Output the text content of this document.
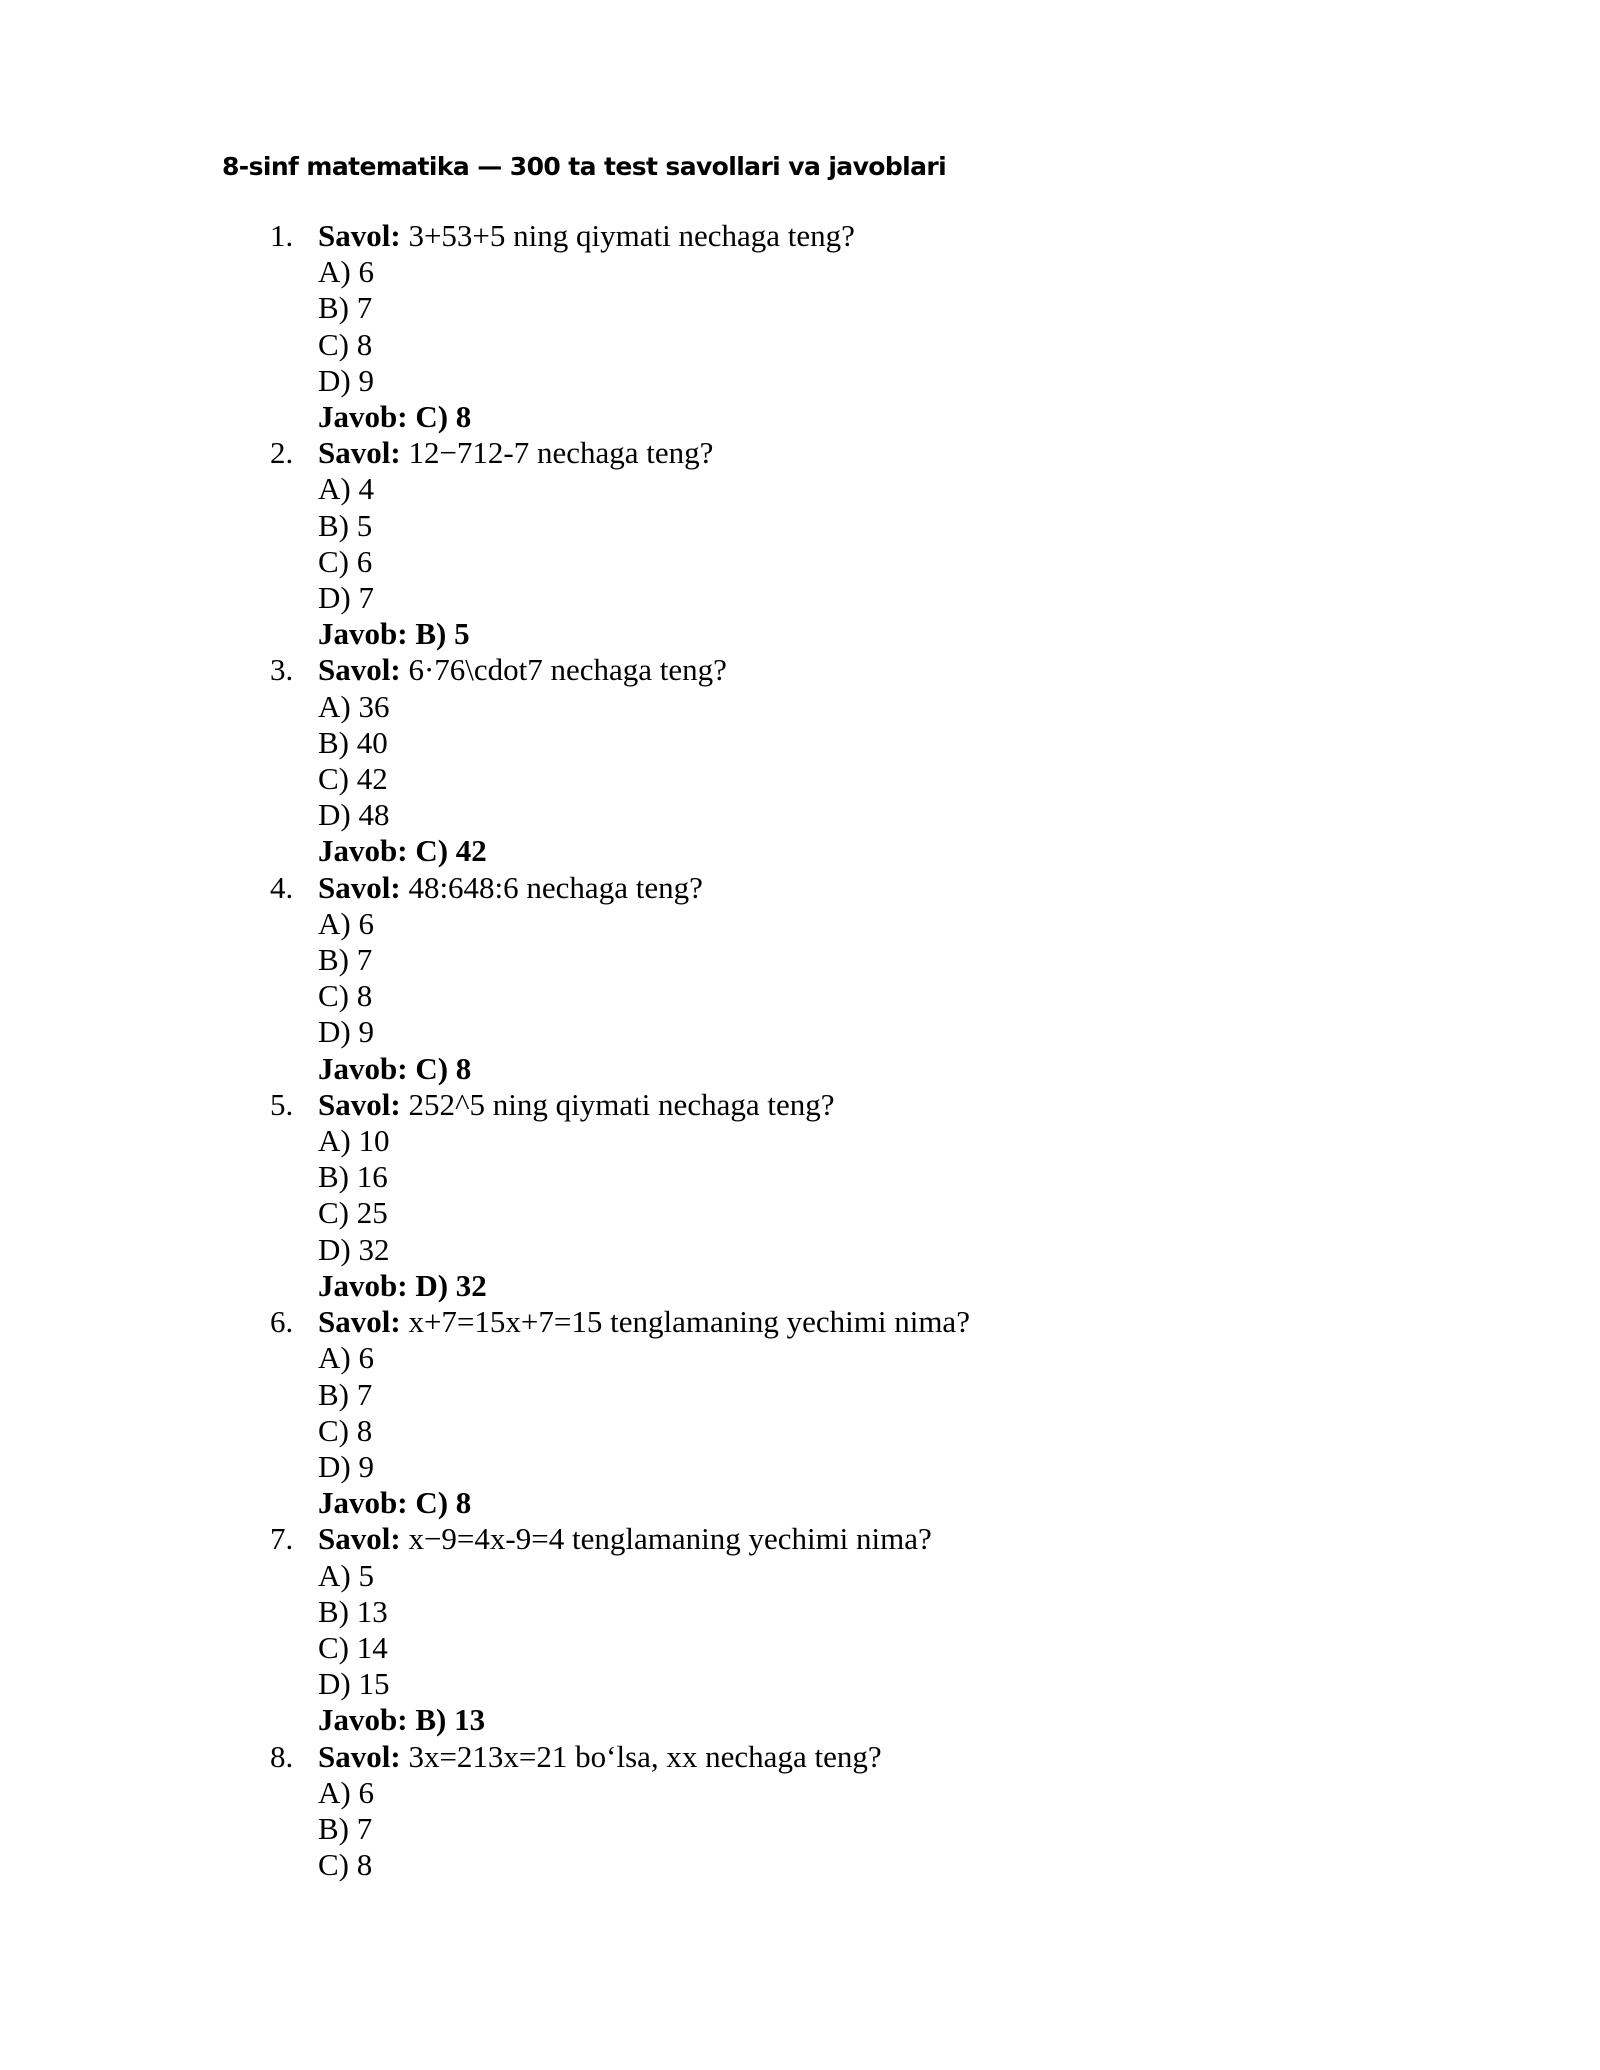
8-sinf matematika — 300 ta test savollari va javoblari
1. Savol: 3+53+5 ning qiymati nechaga teng?
A) 6
B) 7
C) 8
D) 9
Javob: C) 8
2. Savol: 12−712-7 nechaga teng?
A) 4
B) 5
C) 6
D) 7
Javob: B) 5
3. Savol: 6·76\cdot7 nechaga teng?
A) 36
B) 40
C) 42
D) 48
Javob: C) 42
4. Savol: 48:648:6 nechaga teng?
A) 6
B) 7
C) 8
D) 9
Javob: C) 8
5. Savol: 252^5 ning qiymati nechaga teng?
A) 10
B) 16
C) 25
D) 32
Javob: D) 32
6. Savol: x+7=15x+7=15 tenglamaning yechimi nima?
A) 6
B) 7
C) 8
D) 9
Javob: C) 8
7. Savol: x−9=4x-9=4 tenglamaning yechimi nima?
A) 5
B) 13
C) 14
D) 15
Javob: B) 13
8. Savol: 3x=213x=21 bo‘lsa, xx nechaga teng?
A) 6
B) 7
C) 8
